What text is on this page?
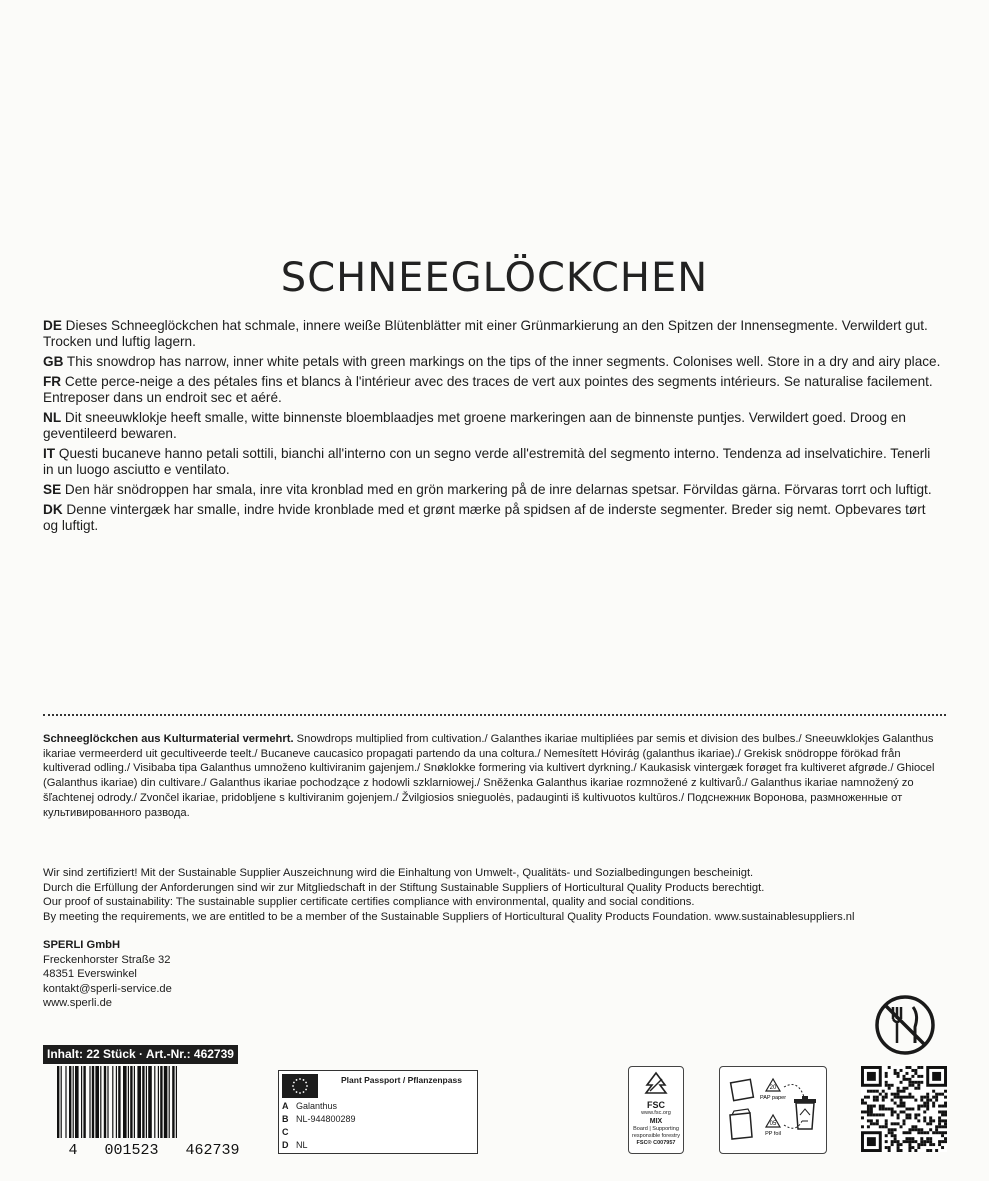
SCHNEEGLÖCKCHEN

DE Dieses Schneeglöckchen hat schmale, innere weiße Blütenblätter mit einer Grünmarkierung an den Spitzen der Innensegmente. Verwildert gut. Trocken und luftig lagern.

GB This snowdrop has narrow, inner white petals with green markings on the tips of the inner segments. Colonises well. Store in a dry and airy place.

FR Cette perce-neige a des pétales fins et blancs à l'intérieur avec des traces de vert aux pointes des segments intérieurs. Se naturalise facilement. Entreposer dans un endroit sec et aéré.

NL Dit sneeuwklokje heeft smalle, witte binnenste bloemblaadjes met groene markeringen aan de binnenste puntjes. Verwildert goed. Droog en geventileerd bewaren.

IT Questi bucaneve hanno petali sottili, bianchi all'interno con un segno verde all'estremità del segmento interno. Tendenza ad inselvatichire. Tenerli in un luogo asciutto e ventilato.

SE Den här snödroppen har smala, inre vita kronblad med en grön markering på de inre delarnas spetsar. Förvildas gärna. Förvaras torrt och luftigt.

DK Denne vintergæk har smalle, indre hvide kronblade med et grønt mærke på spidsen af de inderste segmenter. Breder sig nemt. Opbevares tørt og luftigt.

Schneeglöckchen aus Kulturmaterial vermehrt. Snowdrops multiplied from cultivation./ Galanthes ikariae multipliées par semis et division des bulbes./ Sneeuwklokjes Galanthus ikariae vermeerderd uit gecultiveerde teelt./ Bucaneve caucasico propagati partendo da una coltura./ Nemesített Hóvirág (galanthus ikariae)./ Grekisk snödroppe förökad från kultiverad odling./ Visibaba tipa Galanthus umnoženo kultiviranim gajenjem./ Snøklokke formering via kultivert dyrkning./ Kaukasisk vintergæk forøget fra kultiveret afgrøde./ Ghiocel (Galanthus ikariae) din cultivare./ Galanthus ikariae pochodzące z hodowli szklarniowej./ Sněženka Galanthus ikariae rozmnožené z kultivarů./ Galanthus ikariae namnožený zo šľachtenej odrody./ Zvončel ikariae, pridobljene s kultiviranim gojenjem./ Žvilgiosios snieguolės, padauginti iš kultivuotos kultūros./ Подснежник Воронова, размноженные от культивированного развода.
Wir sind zertifiziert! Mit der Sustainable Supplier Auszeichnung wird die Einhaltung von Umwelt-, Qualitäts- und Sozialbedingungen bescheinigt.
Durch die Erfüllung der Anforderungen sind wir zur Mitgliedschaft in der Stiftung Sustainable Suppliers of Horticultural Quality Products berechtigt.
Our proof of sustainability: The sustainable supplier certificate certifies compliance with environmental, quality and social conditions.
By meeting the requirements, we are entitled to be a member of the Sustainable Suppliers of Horticultural Quality Products Foundation. www.sustainablesuppliers.nl
SPERLI GmbH
Freckenhorster Straße 32
48351 Everswinkel
kontakt@sperli-service.de
www.sperli.de
Inhalt: 22 Stück · Art.-Nr.: 462739
4   001523   462739
Plant Passport / Pflanzenpass
A Galanthus
B NL-944800289
C
D NL
FSC
www.fsc.org
MIX
Board | Supporting responsible forestry
FSC® C007957
20
PAP paper
05
PP foil
